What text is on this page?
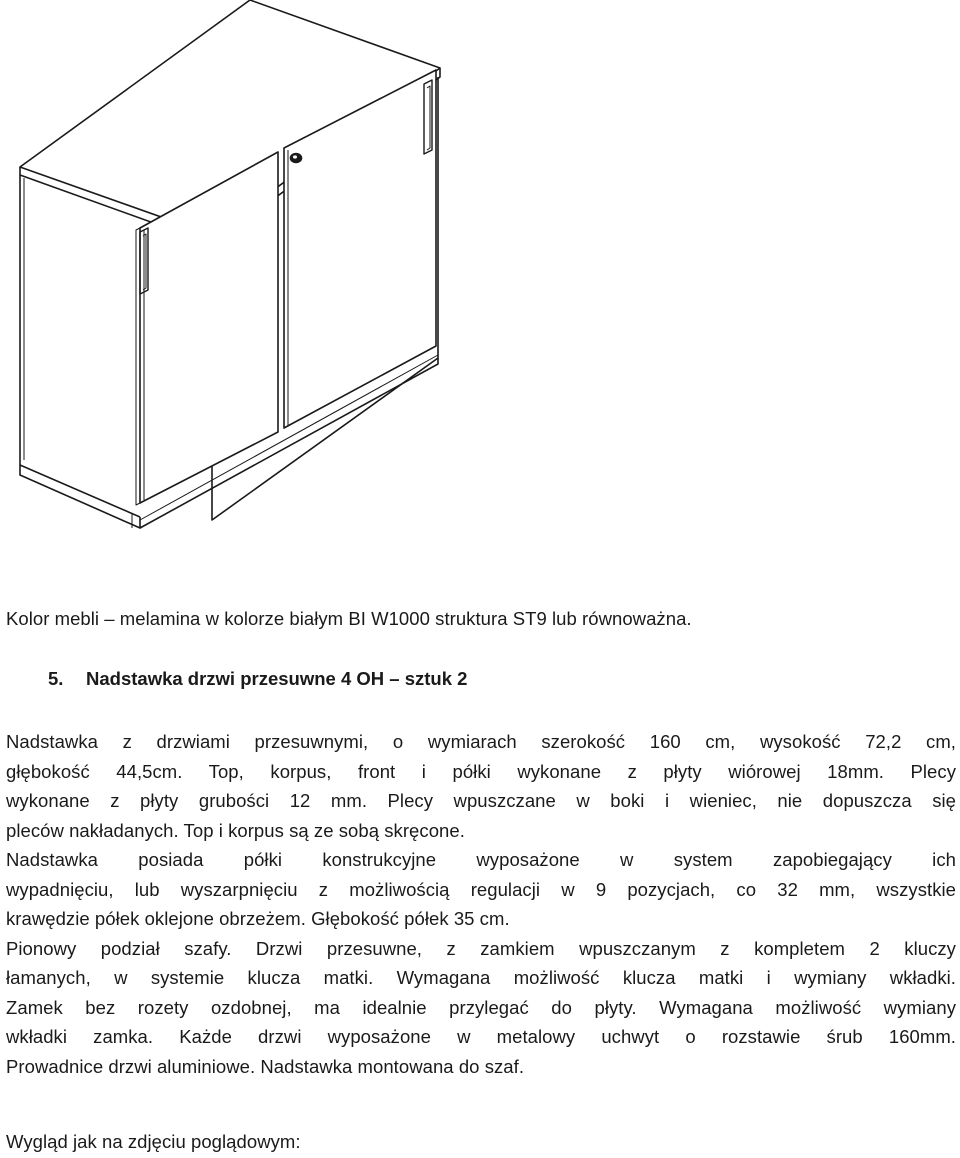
Kolor mebli – melamina w kolorze białym BI W1000 struktura ST9 lub równoważna.
5. Nadstawka drzwi przesuwne 4 OH – sztuk 2
Nadstawka z drzwiami przesuwnymi, o wymiarach szerokość 160 cm, wysokość 72,2 cm,
głębokość 44,5cm. Top, korpus, front i półki wykonane z płyty wiórowej 18mm. Plecy
wykonane z płyty grubości 12 mm. Plecy wpuszczane w boki i wieniec, nie dopuszcza się
pleców nakładanych. Top i korpus są ze sobą skręcone.
Nadstawka posiada półki konstrukcyjne wyposażone w system zapobiegający ich
wypadnięciu, lub wyszarpnięciu z możliwością regulacji w 9 pozycjach, co 32 mm, wszystkie
krawędzie półek oklejone obrzeżem. Głębokość półek 35 cm.
Pionowy podział szafy. Drzwi przesuwne, z zamkiem wpuszczanym z kompletem 2 kluczy
łamanych, w systemie klucza matki. Wymagana możliwość klucza matki i wymiany wkładki.
Zamek bez rozety ozdobnej, ma idealnie przylegać do płyty. Wymagana możliwość wymiany
wkładki zamka. Każde drzwi wyposażone w metalowy uchwyt o rozstawie śrub 160mm.
Prowadnice drzwi aluminiowe. Nadstawka montowana do szaf.
Wygląd jak na zdjęciu poglądowym:
